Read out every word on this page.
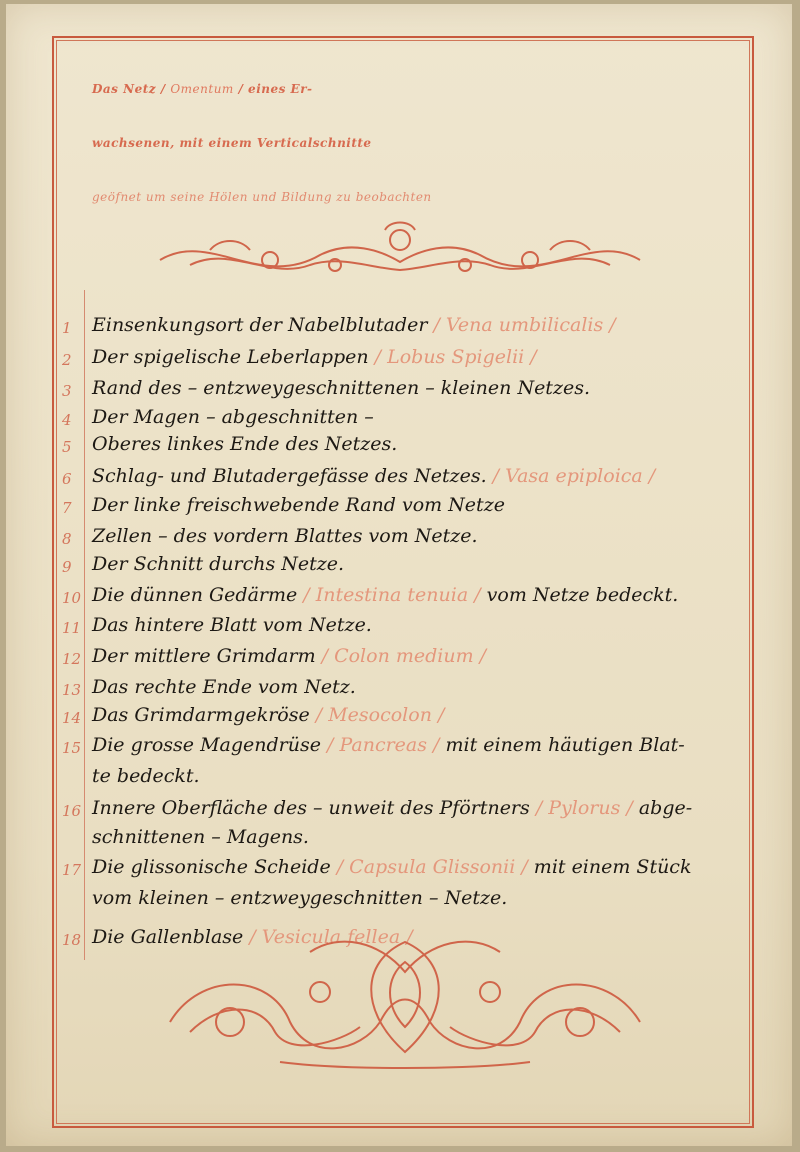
Das Netz / Omentum / eines Er-
wachsenen, mit einem Verticalschnitte
geöfnet um seine Hölen und Bildung zu beobachten
1	Einsenkungsort der Nabelblutader / Vena umbilicalis /
2	Der spigelische Leberlappen / Lobus Spigelii /
3	Rand des – entzweygeschnittenen – kleinen Netzes.
4	Der Magen – abgeschnitten –
5	Oberes linkes Ende des Netzes.
6	Schlag- und Blutadergefässe des Netzes. / Vasa epiploica /
7	Der linke freischwebende Rand vom Netze
8	Zellen – des vordern Blattes vom Netze.
9	Der Schnitt durchs Netze.
10 Die dünnen Gedärme / Intestina tenuia / vom Netze bedeckt.
11 Das hintere Blatt vom Netze.
12 Der mittlere Grimdarm / Colon medium /
13 Das rechte Ende vom Netz.
14 Das Grimdarmgekröse / Mesocolon /
15 Die grosse Magendrüse / Pancreas / mit einem häutigen Blat-
te bedeckt.
16 Innere Oberfläche des – unweit des Pförtners / Pylorus / abge-
schnittenen – Magens.
17 Die glissonische Scheide / Capsula Glissonii / mit einem Stück
vom kleinen – entzweygeschnitten – Netze.
18 Die Gallenblase / Vesicula fellea /
